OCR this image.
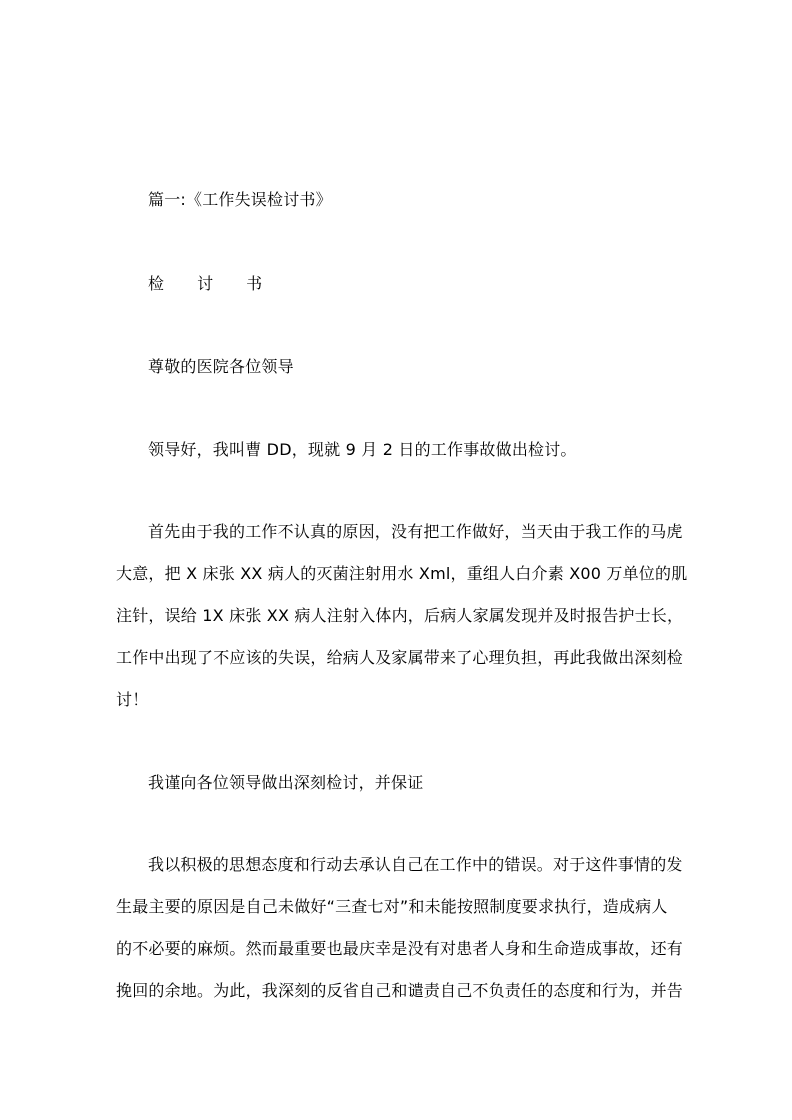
篇一:《工作失误检讨书》
检 讨 书
尊敬的医院各位领导
领导好，我叫曹 DD，现就 9 月 2 日的工作事故做出检讨。
首先由于我的工作不认真的原因，没有把工作做好，当天由于我工作的马虎
大意，把 X 床张 XX 病人的灭菌注射用水 Xml，重组人白介素 X00 万单位的肌
注针，误给 1X 床张 XX 病人注射入体内，后病人家属发现并及时报告护士长，
工作中出现了不应该的失误，给病人及家属带来了心理负担，再此我做出深刻检
讨！
我谨向各位领导做出深刻检讨，并保证
我以积极的思想态度和行动去承认自己在工作中的错误。对于这件事情的发
生最主要的原因是自己未做好“三查七对”和未能按照制度要求执行，造成病人
的不必要的麻烦。然而最重要也最庆幸是没有对患者人身和生命造成事故，还有
挽回的余地。为此，我深刻的反省自己和谴责自己不负责任的态度和行为，并告
